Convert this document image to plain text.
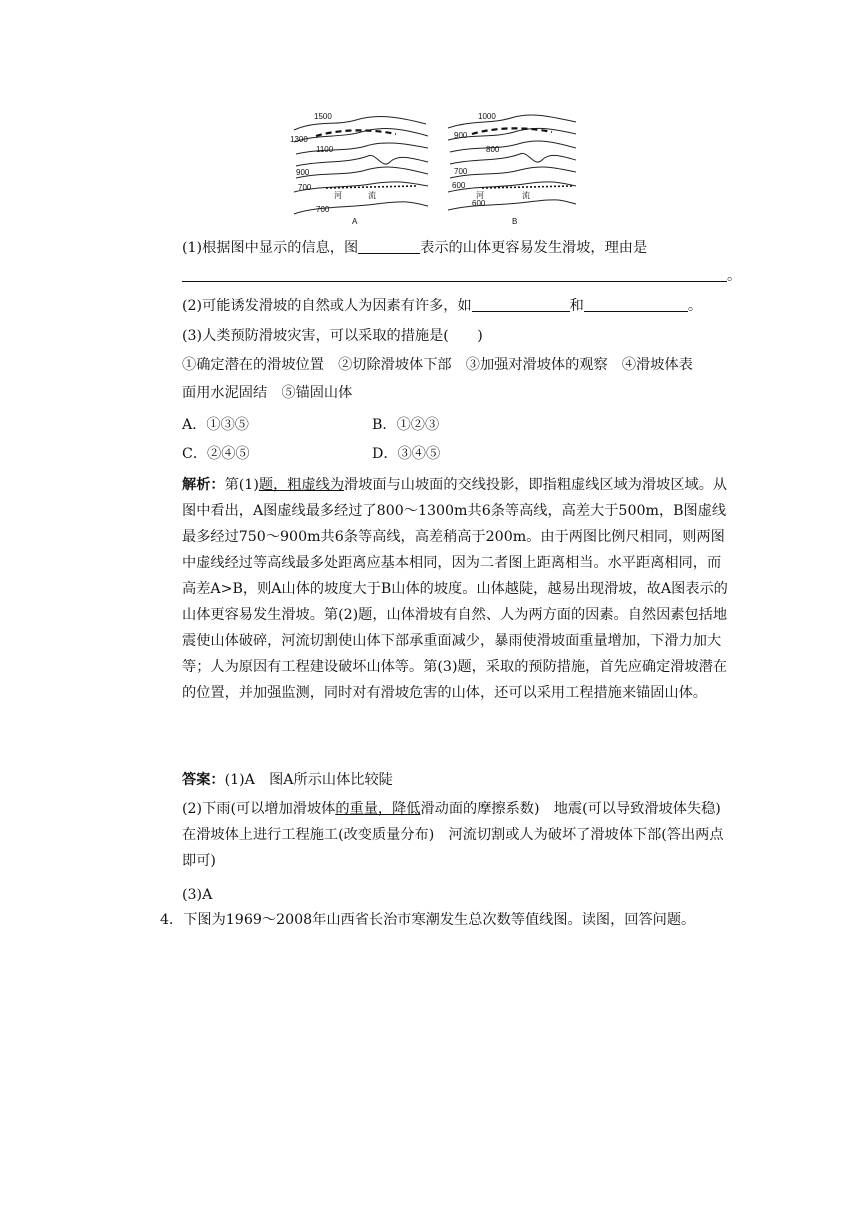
1500
1300
1100
900
700
700
河	流
A
1000
900
800
700
600
600
河	流
B
(1)根据图中显示的信息，图	表示的山体更容易发生滑坡，理由是
。
(2)可能诱发滑坡的自然或人为因素有许多，如	和	。
(3)人类预防滑坡灾害，可以采取的措施是(　　)
①确定潜在的滑坡位置　②切除滑坡体下部　③加强对滑坡体的观察　④滑坡体表
面用水泥固结　⑤锚固山体
A．①③⑤	B．①②③
C．②④⑤	D．③④⑤
解析：第(1)题，粗虚线为滑坡面与山坡面的交线投影，即指粗虚线区域为滑坡区域。从图中看出，A图虚线最多经过了800～1300m共6条等高线，高差大于500m，B图虚线最多经过750～900m共6条等高线，高差稍高于200m。由于两图比例尺相同，则两图中虚线经过等高线最多处距离应基本相同，因为二者图上距离相当。水平距离相同，而高差A>B，则A山体的坡度大于B山体的坡度。山体越陡，越易出现滑坡，故A图表示的山体更容易发生滑坡。第(2)题，山体滑坡有自然、人为两方面的因素。自然因素包括地震使山体破碎，河流切割使山体下部承重面减少，暴雨使滑坡面重量增加，下滑力加大等；人为原因有工程建设破坏山体等。第(3)题，采取的预防措施，首先应确定滑坡潜在的位置，并加强监测，同时对有滑坡危害的山体，还可以采用工程措施来锚固山体。
答案：(1)A　图A所示山体比较陡
(2)下雨(可以增加滑坡体的重量，降低滑动面的摩擦系数)　地震(可以导致滑坡体失稳)　在滑坡体上进行工程施工(改变质量分布)　河流切割或人为破坏了滑坡体下部(答出两点即可)
(3)A
4．下图为1969～2008年山西省长治市寒潮发生总次数等值线图。读图，回答问题。
